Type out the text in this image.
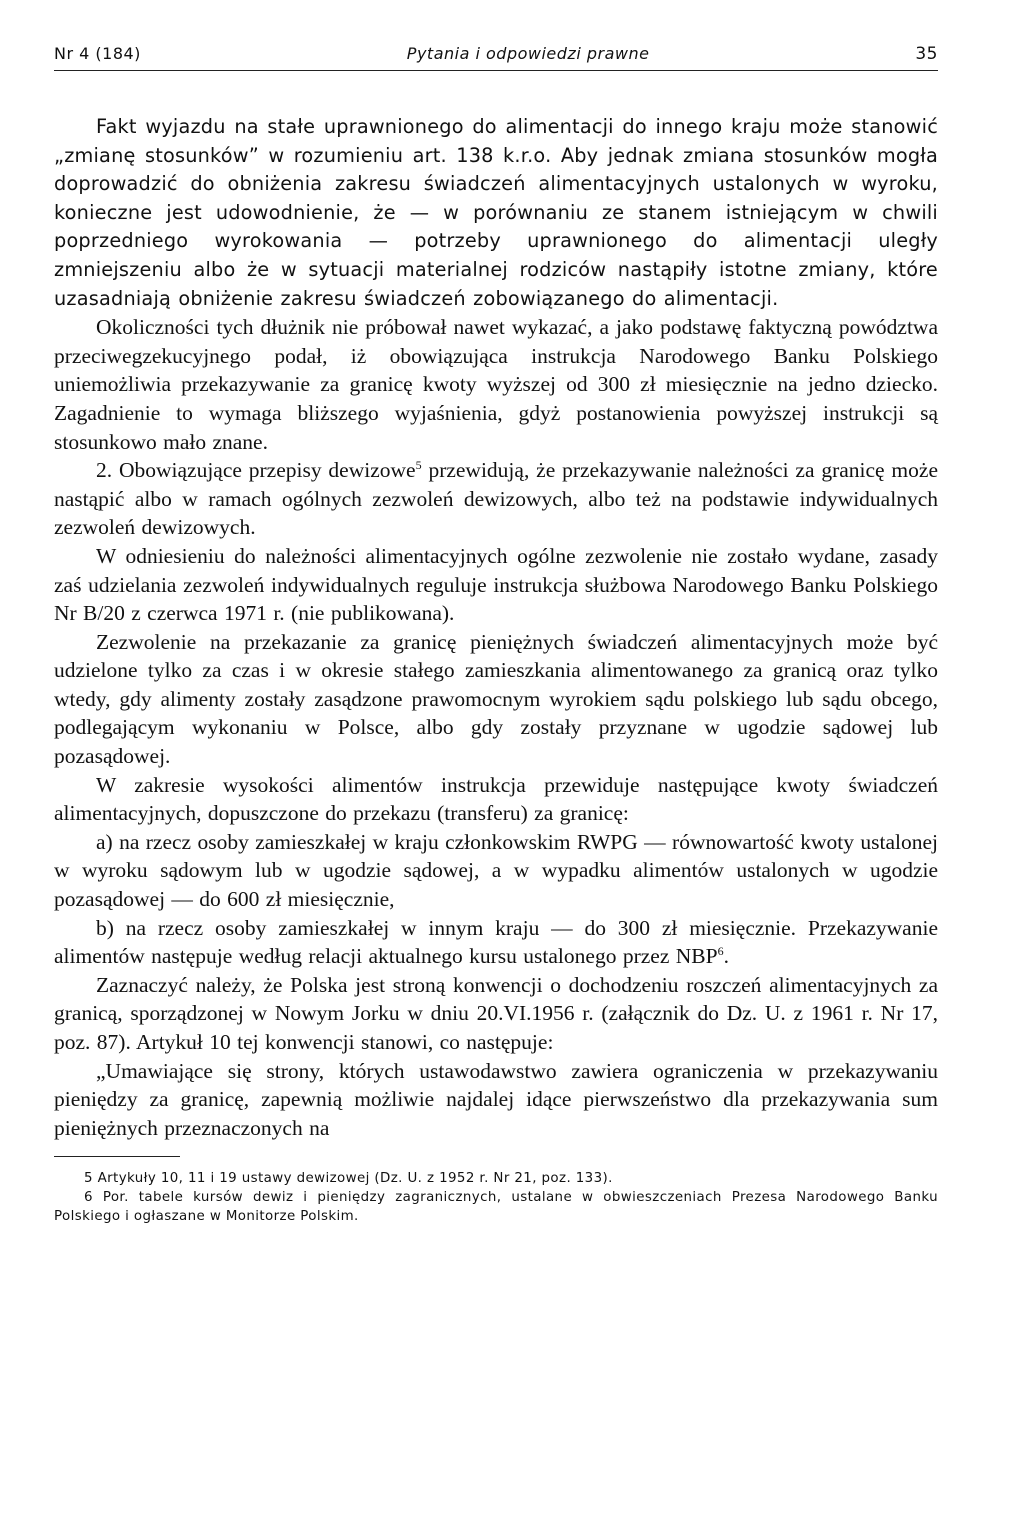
Nr 4 (184)	Pytania i odpowiedzi prawne	35

Fakt wyjazdu na stałe uprawnionego do alimentacji do innego kraju może stanowić „zmianę stosunków” w rozumieniu art. 138 k.r.o. Aby jednak zmiana stosunków mogła doprowadzić do obniżenia zakresu świadczeń alimentacyjnych ustalonych w wyroku, konieczne jest udowodnienie, że — w porównaniu ze stanem istniejącym w chwili poprzedniego wyrokowania — potrzeby uprawnionego do alimentacji uległy zmniejszeniu albo że w sytuacji materialnej rodziców nastąpiły istotne zmiany, które uzasadniają obniżenie zakresu świadczeń zobowiązanego do alimentacji.

Okoliczności tych dłużnik nie próbował nawet wykazać, a jako podstawę faktyczną powództwa przeciwegzekucyjnego podał, iż obowiązująca instrukcja Narodowego Banku Polskiego uniemożliwia przekazywanie za granicę kwoty wyższej od 300 zł miesięcznie na jedno dziecko. Zagadnienie to wymaga bliższego wyjaśnienia, gdyż postanowienia powyższej instrukcji są stosunkowo mało znane.

2. Obowiązujące przepisy dewizowe$^5$ przewidują, że przekazywanie należności za granicę może nastąpić albo w ramach ogólnych zezwoleń dewizowych, albo też na podstawie indywidualnych zezwoleń dewizowych.

W odniesieniu do należności alimentacyjnych ogólne zezwolenie nie zostało wydane, zasady zaś udzielania zezwoleń indywidualnych reguluje instrukcja służbowa Narodowego Banku Polskiego Nr B/20 z czerwca 1971 r. (nie publikowana).

Zezwolenie na przekazanie za granicę pieniężnych świadczeń alimentacyjnych może być udzielone tylko za czas i w okresie stałego zamieszkania alimentowanego za granicą oraz tylko wtedy, gdy alimenty zostały zasądzone prawomocnym wyrokiem sądu polskiego lub sądu obcego, podlegającym wykonaniu w Polsce, albo gdy zostały przyznane w ugodzie sądowej lub pozasądowej.

W zakresie wysokości alimentów instrukcja przewiduje następujące kwoty świadczeń alimentacyjnych, dopuszczone do przekazu (transferu) za granicę:

a) na rzecz osoby zamieszkałej w kraju członkowskim RWPG — równowartość kwoty ustalonej w wyroku sądowym lub w ugodzie sądowej, a w wypadku alimentów ustalonych w ugodzie pozasądowej — do 600 zł miesięcznie,

b) na rzecz osoby zamieszkałej w innym kraju — do 300 zł miesięcznie. Przekazywanie alimentów następuje według relacji aktualnego kursu ustalonego przez NBP$^6$.

Zaznaczyć należy, że Polska jest stroną konwencji o dochodzeniu roszczeń alimentacyjnych za granicą, sporządzonej w Nowym Jorku w dniu 20.VI.1956 r. (załącznik do Dz. U. z 1961 r. Nr 17, poz. 87). Artykuł 10 tej konwencji stanowi, co następuje:

„Umawiające się strony, których ustawodawstwo zawiera ograniczenia w przekazywaniu pieniędzy za granicę, zapewnią możliwie najdalej idące pierwszeństwo dla przekazywania sum pieniężnych przeznaczonych na

5 Artykuły 10, 11 i 19 ustawy dewizowej (Dz. U. z 1952 r. Nr 21, poz. 133).

6 Por. tabele kursów dewiz i pieniędzy zagranicznych, ustalane w obwieszczeniach Prezesa Narodowego Banku Polskiego i ogłaszane w Monitorze Polskim.
